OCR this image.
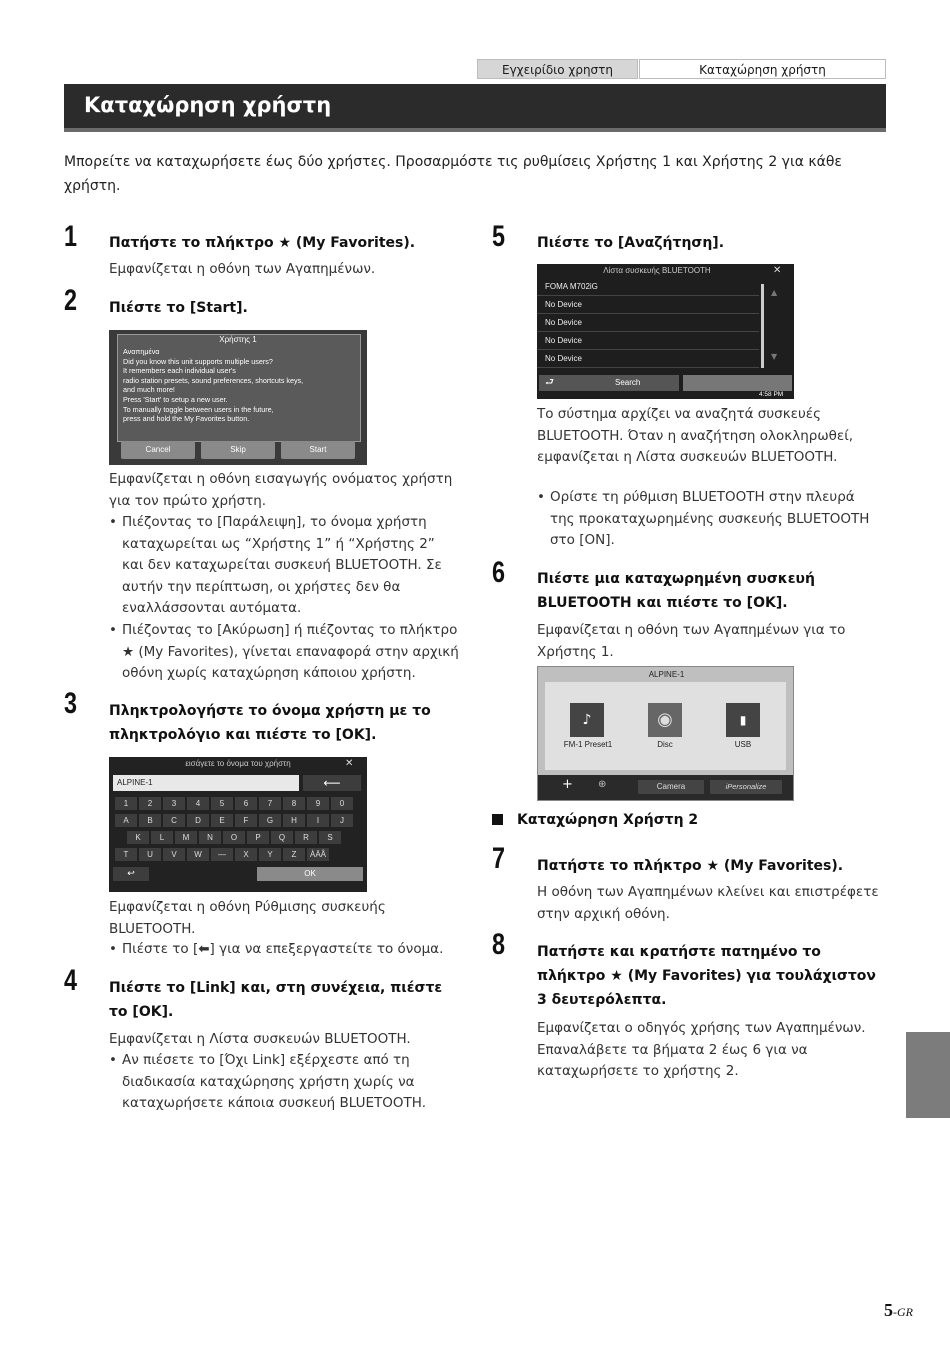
Εγχειρίδιο χρηστη	Καταχώρηση χρήστη
Καταχώρηση χρήστη
Μπορείτε να καταχωρήσετε έως δύο χρήστες. Προσαρμόστε τις ρυθμίσεις Χρήστης 1 και Χρήστης 2 για κάθε χρήστη.
1 Πατήστε το πλήκτρο ★ (My Favorites).
Εμφανίζεται η οθόνη των Αγαπημένων.
2 Πιέστε το [Start].
Χρήστης 1
Αναπημένα
Did you know this unit supports multiple users?
It remembers each individual user's
radio station presets, sound preferences, shortcuts keys,
and much more!
Press 'Start' to setup a new user.
To manually toggle between users in the future,
press and hold the My Favorites button.
Cancel	Skip	Start
Εμφανίζεται η οθόνη εισαγωγής ονόματος χρήστη για τον πρώτο χρήστη.
• Πιέζοντας το [Παράλειψη], το όνομα χρήστη καταχωρείται ως “Χρήστης 1” ή “Χρήστης 2” και δεν καταχωρείται συσκευή BLUETOOTH. Σε αυτήν την περίπτωση, οι χρήστες δεν θα εναλλάσσονται αυτόματα.
• Πιέζοντας το [Ακύρωση] ή πιέζοντας το πλήκτρο ★ (My Favorites), γίνεται επαναφορά στην αρχική οθόνη χωρίς καταχώρηση κάποιου χρήστη.
3 Πληκτρολογήστε το όνομα χρήστη με το πληκτρολόγιο και πιέστε το [OK].
εισάγετε το όνομα του χρήστη	✕
ALPINE-1	⟵
1 2 3 4 5 6 7 8 9 0
A B C D E F G H I	J
K L M N O P Q R S
T U V W — X Y Z ÀÄÅ
↩	OK
Εμφανίζεται η οθόνη Ρύθμισης συσκευής BLUETOOTH.
• Πιέστε το [⬅] για να επεξεργαστείτε το όνομα.
4 Πιέστε το [Link] και, στη συνέχεια, πιέστε το [OK].
Εμφανίζεται η Λίστα συσκευών BLUETOOTH.
• Αν πιέσετε το [Όχι Link] εξέρχεστε από τη διαδικασία καταχώρησης χρήστη χωρίς να καταχωρήσετε κάποια συσκευή BLUETOOTH.
5 Πιέστε το [Αναζήτηση].
Λίστα συσκευής BLUETOOTH	✕
FOMA M702iG
No Device
No Device
No Device
No Device
▲
▼
⮐	Search
4:58 PM
Το σύστημα αρχίζει να αναζητά συσκευές BLUETOOTH. Όταν η αναζήτηση ολοκληρωθεί, εμφανίζεται η Λίστα συσκευών BLUETOOTH.
• Ορίστε τη ρύθμιση BLUETOOTH στην πλευρά της προκαταχωρημένης συσκευής BLUETOOTH στο [ON].
6 Πιέστε μια καταχωρημένη συσκευή BLUETOOTH και πιέστε το [OK].
Εμφανίζεται η οθόνη των Αγαπημένων για το Χρήστης 1.
ALPINE-1
♪	◉	▮
FM-1 Preset1	Disc	USB
+	⊕	Camera	iPersonalize
Καταχώρηση Χρήστη 2
7 Πατήστε το πλήκτρο ★ (My Favorites).
Η οθόνη των Αγαπημένων κλείνει και επιστρέφετε στην αρχική οθόνη.
8 Πατήστε και κρατήστε πατημένο το πλήκτρο ★ (My Favorites) για τουλάχιστον 3 δευτερόλεπτα.
Εμφανίζεται ο οδηγός χρήσης των Αγαπημένων. Επαναλάβετε τα βήματα 2 έως 6 για να καταχωρήσετε το χρήστης 2.
5-GR
